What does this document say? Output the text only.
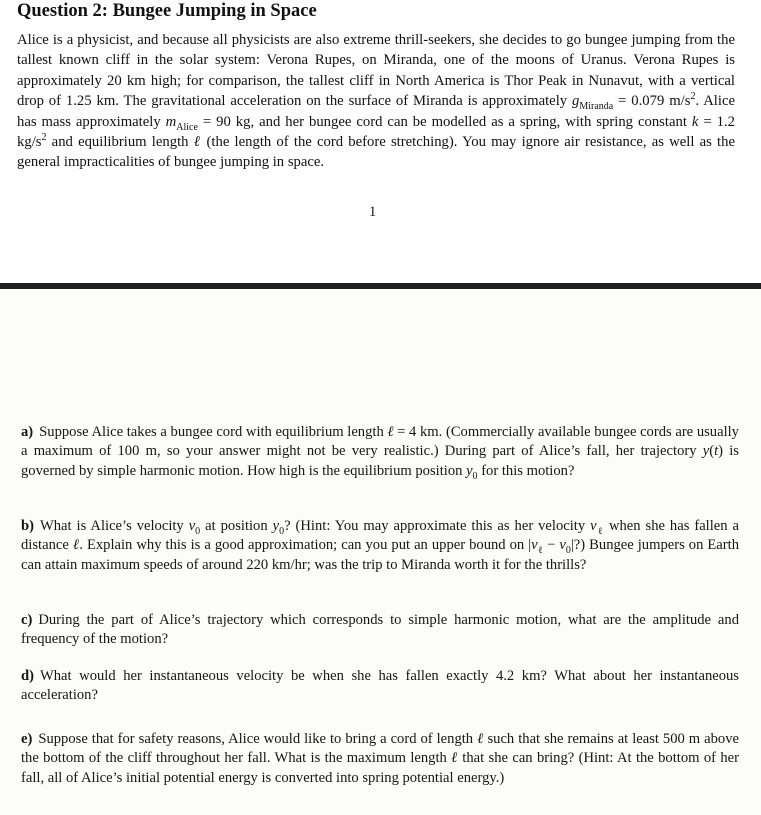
Question 2: Bungee Jumping in Space

Alice is a physicist, and because all physicists are also extreme thrill-seekers, she decides to go bungee jumping from the tallest known cliff in the solar system: Verona Rupes, on Miranda, one of the moons of Uranus. Verona Rupes is approximately 20 km high; for comparison, the tallest cliff in North America is Thor Peak in Nunavut, with a vertical drop of 1.25 km. The gravitational acceleration on the surface of Miranda is approximately $g_{Miranda} = 0.079$ $m/s^2$. Alice has mass approximately $m_{Alice} = 90$ kg, and her bungee cord can be modelled as a spring, with spring constant k = 1.2 $kg/s^2$ and equilibrium length ℓ (the length of the cord before stretching). You may ignore air resistance, as well as the general impracticalities of bungee jumping in space.

1

a) Suppose Alice takes a bungee cord with equilibrium length ℓ = 4 km. (Commercially available bungee cords are usually a maximum of 100 m, so your answer might not be very realistic.) During part of Alice’s fall, her trajectory y(t) is governed by simple harmonic motion. How high is the equilibrium position $y_0$ for this motion?

b) What is Alice’s velocity $v_0$ at position $y_0$? (Hint: You may approximate this as her velocity $v_\ell$ when she has fallen a distance ℓ. Explain why this is a good approximation; can you put an upper bound on $|v_\ell$ − $v_0|$?) Bungee jumpers on Earth can attain maximum speeds of around 220 km/hr; was the trip to Miranda worth it for the thrills?

c) During the part of Alice’s trajectory which corresponds to simple harmonic motion, what are the amplitude and frequency of the motion?

d) What would her instantaneous velocity be when she has fallen exactly 4.2 km? What about her instantaneous acceleration?

e) Suppose that for safety reasons, Alice would like to bring a cord of length ℓ such that she remains at least 500 m above the bottom of the cliff throughout her fall. What is the maximum length ℓ that she can bring? (Hint: At the bottom of her fall, all of Alice’s initial potential energy is converted into spring potential energy.)
